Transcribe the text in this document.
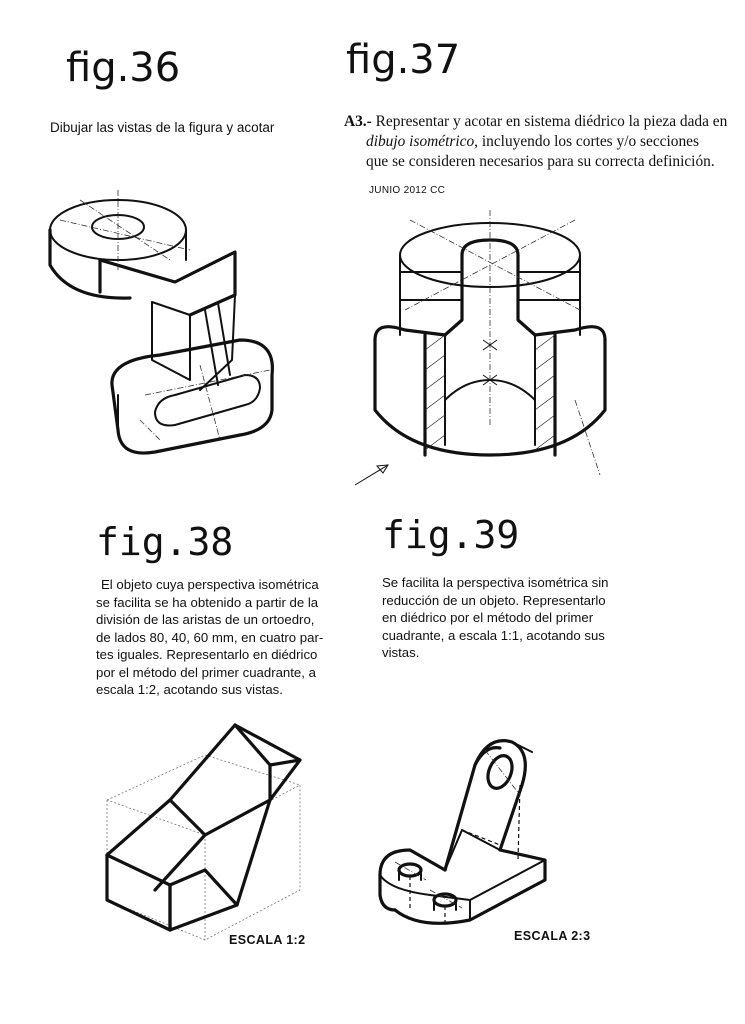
fig.36
Dibujar las vistas de la figura y acotar
fig.37
A3.- Representar y acotar en sistema diédrico la pieza dada en
dibujo isométrico, incluyendo los cortes y/o secciones
que se consideren necesarios para su correcta definición.
JUNIO 2012 CC
fig.38
El objeto cuya perspectiva isométrica
se facilita se ha obtenido a partir de la
división de las aristas de un ortoedro,
de lados 80, 40, 60 mm, en cuatro par-
tes iguales. Representarlo en diédrico
por el método del primer cuadrante, a
escala 1:2, acotando sus vistas.
ESCALA 1:2
fig.39
Se facilita la perspectiva isométrica sin
reducción de un objeto. Representarlo
en diédrico por el método del primer
cuadrante, a escala 1:1, acotando sus
vistas.
ESCALA 2:3
